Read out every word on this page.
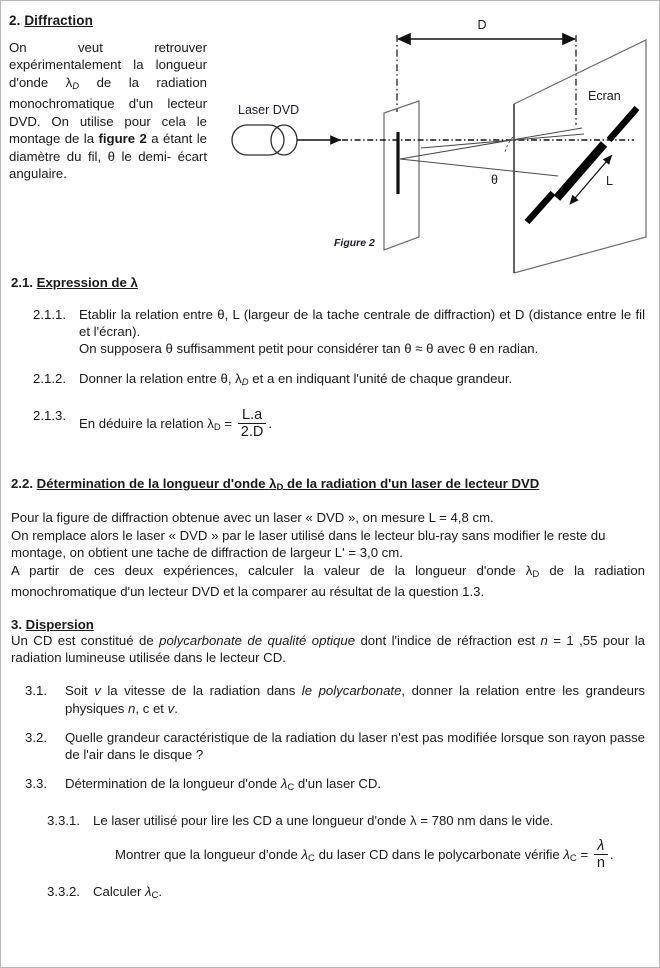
2. Diffraction

On veut retrouver expérimentalement la longueur d'onde $\lambda_D$ de la radiation monochromatique d'un lecteur DVD. On utilise pour cela le montage de la figure 2 a étant le diamètre du fil, θ le demi- écart angulaire.

D
Laser DVD
Ecran
θ	L
Figure 2
2.1. Expression de λ
2.1.1. Etablir la relation entre θ, L (largeur de la tache centrale de diffraction) et D (distance entre le fil et l'écran).
On supposera θ suffisamment petit pour considérer tan θ ≈ θ avec θ en radian.
2.1.2. Donner la relation entre θ, $\lambda_D$ et a en indiquant l'unité de chaque grandeur.
2.1.3.
En déduire la relation $\lambda_D = \frac{L.a}{2.D}$ .
2.2. Détermination de la longueur d'onde $\lambda_D$ de la radiation d'un laser de lecteur DVD

Pour la figure de diffraction obtenue avec un laser « DVD », on mesure L = 4,8 cm.

On remplace alors le laser « DVD » par le laser utilisé dans le lecteur blu-ray sans modifier le reste du montage, on obtient une tache de diffraction de largeur L' = 3,0 cm.

A partir de ces deux expériences, calculer la valeur de la longueur d'onde $\lambda_D$ de la radiation monochromatique d'un lecteur DVD et la comparer au résultat de la question 1.3.

3. Dispersion

Un CD est constitué de polycarbonate de qualité optique dont l'indice de réfraction est n = 1 ,55 pour la radiation lumineuse utilisée dans le lecteur CD.

3.1.	Soit v la vitesse de la radiation dans le polycarbonate, donner la relation entre les grandeurs physiques n, c et v.
3.2.	Quelle grandeur caractéristique de la radiation du laser n'est pas modifiée lorsque son rayon passe de l'air dans le disque ?
3.3.	Détermination de la longueur d'onde $\lambda_C$ d'un laser CD.
3.3.1. Le laser utilisé pour lire les CD a une longueur d'onde λ = 780 nm dans le vide.
Montrer que la longueur d'onde $\lambda_C$ du laser CD dans le polycarbonate vérifie $\lambda_C = \frac{\lambda}{n}$ .
3.3.2. Calculer $\lambda_C$.
